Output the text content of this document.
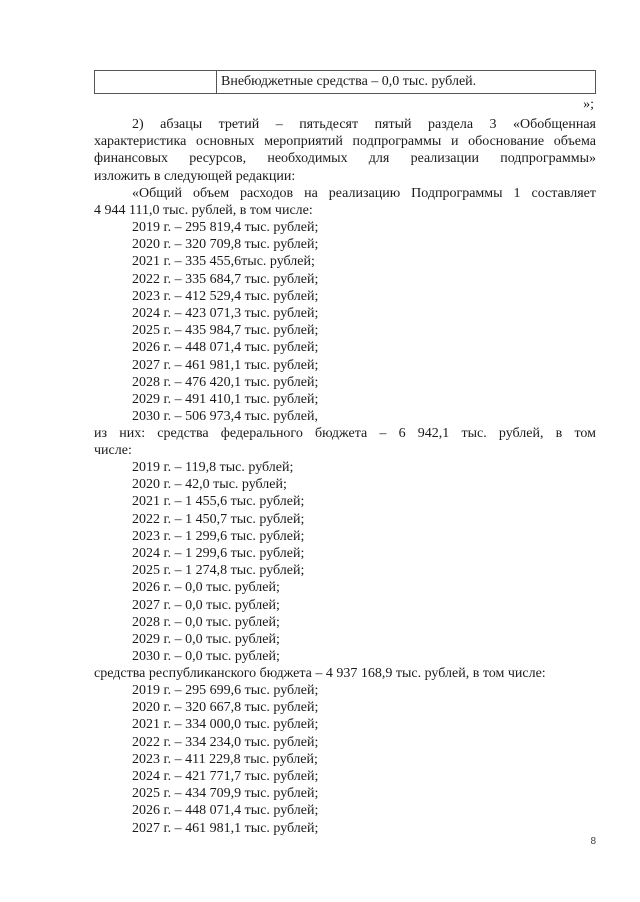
Внебюджетные средства – 0,0 тыс. рублей.
»;
2) абзацы третий – пятьдесят пятый раздела 3 «Обобщенная
характеристика основных мероприятий подпрограммы и обоснование объема
финансовых ресурсов, необходимых для реализации подпрограммы»
изложить в следующей редакции:
«Общий объем расходов на реализацию Подпрограммы 1 составляет
4 944 111,0 тыс. рублей, в том числе:
2019 г. – 295 819,4 тыс. рублей;
2020 г. – 320 709,8 тыс. рублей;
2021 г. – 335 455,6тыс. рублей;
2022 г. – 335 684,7 тыс. рублей;
2023 г. – 412 529,4 тыс. рублей;
2024 г. – 423 071,3 тыс. рублей;
2025 г. – 435 984,7 тыс. рублей;
2026 г. – 448 071,4 тыс. рублей;
2027 г. – 461 981,1 тыс. рублей;
2028 г. – 476 420,1 тыс. рублей;
2029 г. – 491 410,1 тыс. рублей;
2030 г. – 506 973,4 тыс. рублей,
из них: средства федерального бюджета – 6 942,1 тыс. рублей, в том
числе:
2019 г. – 119,8 тыс. рублей;
2020 г. – 42,0 тыс. рублей;
2021 г. – 1 455,6 тыс. рублей;
2022 г. – 1 450,7 тыс. рублей;
2023 г. – 1 299,6 тыс. рублей;
2024 г. – 1 299,6 тыс. рублей;
2025 г. – 1 274,8 тыс. рублей;
2026 г. – 0,0 тыс. рублей;
2027 г. – 0,0 тыс. рублей;
2028 г. – 0,0 тыс. рублей;
2029 г. – 0,0 тыс. рублей;
2030 г. – 0,0 тыс. рублей;
средства республиканского бюджета – 4 937 168,9 тыс. рублей, в том числе:
2019 г. – 295 699,6 тыс. рублей;
2020 г. – 320 667,8 тыс. рублей;
2021 г. – 334 000,0 тыс. рублей;
2022 г. – 334 234,0 тыс. рублей;
2023 г. – 411 229,8 тыс. рублей;
2024 г. – 421 771,7 тыс. рублей;
2025 г. – 434 709,9 тыс. рублей;
2026 г. – 448 071,4 тыс. рублей;
2027 г. – 461 981,1 тыс. рублей;
8
